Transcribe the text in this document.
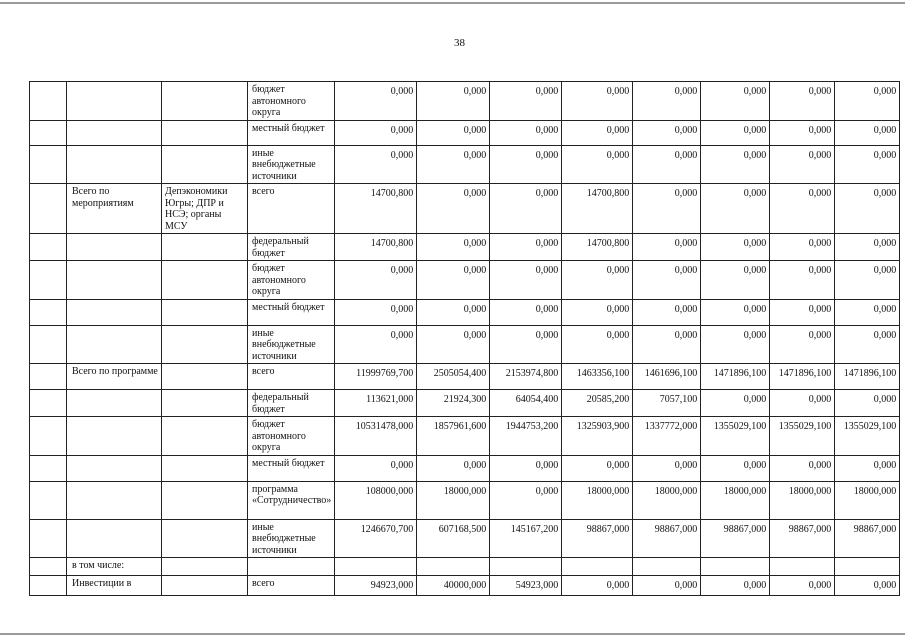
38
			бюджет автономного округа	0,000	0,000	0,000	0,000	0,000	0,000	0,000	0,000
			местный бюджет	0,000	0,000	0,000	0,000	0,000	0,000	0,000	0,000
			иные внебюджетные источники	0,000	0,000	0,000	0,000	0,000	0,000	0,000	0,000
	Всего по мероприятиям	Депэкономики Югры; ДПР и НСЭ; органы МСУ	всего	14700,800	0,000	0,000	14700,800	0,000	0,000	0,000	0,000
			федеральный бюджет	14700,800	0,000	0,000	14700,800	0,000	0,000	0,000	0,000
			бюджет автономного округа	0,000	0,000	0,000	0,000	0,000	0,000	0,000	0,000
			местный бюджет	0,000	0,000	0,000	0,000	0,000	0,000	0,000	0,000
			иные внебюджетные источники	0,000	0,000	0,000	0,000	0,000	0,000	0,000	0,000
	Всего по программе		всего	11999769,700	2505054,400	2153974,800	1463356,100	1461696,100	1471896,100	1471896,100	1471896,100
			федеральный бюджет	113621,000	21924,300	64054,400	20585,200	7057,100	0,000	0,000	0,000
			бюджет автономного округа	10531478,000	1857961,600	1944753,200	1325903,900	1337772,000	1355029,100	1355029,100	1355029,100
			местный бюджет	0,000	0,000	0,000	0,000	0,000	0,000	0,000	0,000
			программа «Сотрудничество»	108000,000	18000,000	0,000	18000,000	18000,000	18000,000	18000,000	18000,000
			иные внебюджетные источники	1246670,700	607168,500	145167,200	98867,000	98867,000	98867,000	98867,000	98867,000
	в том числе:										
	Инвестиции в		всего	94923,000	40000,000	54923,000	0,000	0,000	0,000	0,000	0,000
